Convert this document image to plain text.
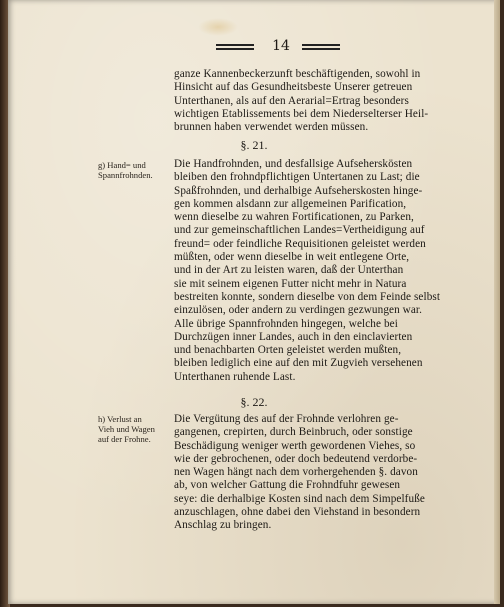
14
ganze Kannenbeckerzunft beschäftigenden, sowohl in
Hinsicht auf das Gesundheitsbeste Unserer getreuen
Unterthanen, als auf den Aerarial=Ertrag besonders
wichtigen Etablissements bei dem Niederselterser Heil-
brunnen haben verwendet werden müssen.
§. 21.
g) Hand= und
Spannfrohnden.
Die Handfrohnden, und desfallsige Aufseherskösten
bleiben den frohndpflichtigen Untertanen zu Last; die
Spaßfrohnden, und derhalbige Aufseherskosten hinge-
gen kommen alsdann zur allgemeinen Parification,
wenn dieselbe zu wahren Fortificationen, zu Parken,
und zur gemeinschaftlichen Landes=Vertheidigung auf
freund= oder feindliche Requisitionen geleistet werden
müßten, oder wenn dieselbe in weit entlegene Orte,
und in der Art zu leisten waren, daß der Unterthan
sie mit seinem eigenen Futter nicht mehr in Natura
bestreiten konnte, sondern dieselbe von dem Feinde selbst
einzulösen, oder andern zu verdingen gezwungen war.
Alle übrige Spannfrohnden hingegen, welche bei
Durchzügen inner Landes, auch in den einclavierten
und benachbarten Orten geleistet werden mußten,
bleiben lediglich eine auf den mit Zugvieh versehenen
Unterthanen ruhende Last.
§. 22.
h) Verlust an
Vieh und Wagen
auf der Frohne.
Die Vergütung des auf der Frohnde verlohren ge-
gangenen, crepirten, durch Beinbruch, oder sonstige
Beschädigung weniger werth gewordenen Viehes, so
wie der gebrochenen, oder doch bedeutend verdorbe-
nen Wagen hängt nach dem vorhergehenden §. davon
ab, von welcher Gattung die Frohndfuhr gewesen
seye: die derhalbige Kosten sind nach dem Simpelfuße
anzuschlagen, ohne dabei den Viehstand in besondern
Anschlag zu bringen.
